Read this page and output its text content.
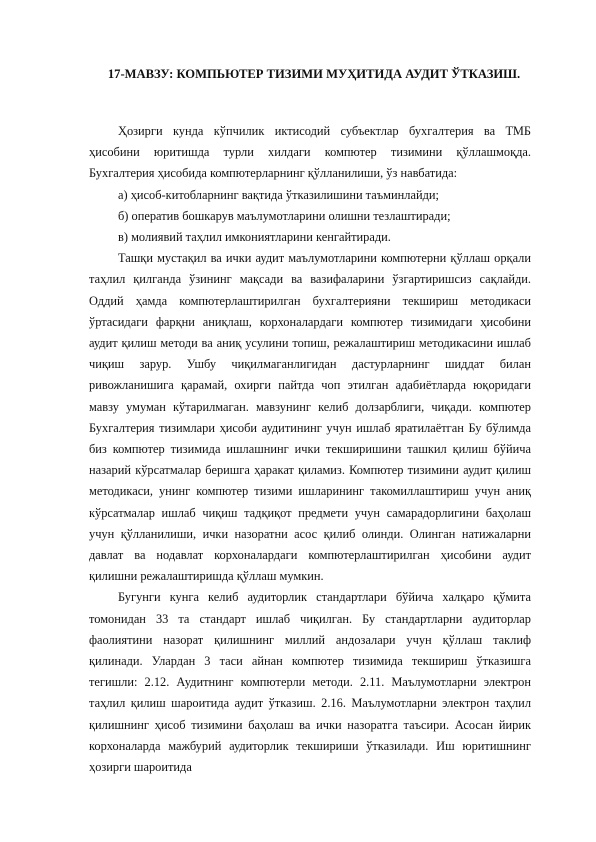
17-МАВЗУ: КОМПЬЮТЕР ТИЗИМИ МУҲИТИДА АУДИТ ЎТКАЗИШ.

Ҳозирги кунда кўпчилик иктисодий субъектлар бухгалтерия ва ТМБ ҳисобини юритишда турли хилдаги компютер тизимини қўллашмоқда. Бухгалтерия ҳисобида компютерларнинг қўлланилиши, ўз навбатида:

а) ҳисоб-китобларнинг вақтида ўтказилишини таъминлайди;

б) оператив бошкарув маълумотларини олишни тезлаштиради;

в) молиявий таҳлил имкониятларини кенгайтиради.

Ташқи мустақил ва ички аудит маълумотларини компютерни қўллаш орқали таҳлил қилганда ўзининг мақсади ва вазифаларини ўзгартиришсиз сақлайди. Оддий ҳамда компютерлаштирилган бухгалтерияни текшириш методикаси ўртасидаги фарқни аниқлаш, корхоналардаги компютер тизимидаги ҳисобини аудит қилиш методи ва аниқ усулини топиш, режалаштириш методикасини ишлаб чиқиш зарур. Ушбу чиқилмаганлигидан дастурларнинг шиддат билан ривожланишига қарамай, охирги пайтда чоп этилган адабиётларда юқоридаги мавзу умуман кўтарилмаган. мавзунинг келиб долзарблиги, чиқади. компютер Бухгалтерия тизимлари ҳисоби аудитининг учун ишлаб яратилаётган Бу бўлимда биз компютер тизимида ишлашнинг ички текширишини ташкил қилиш бўйича назарий кўрсатмалар беришга ҳаракат қиламиз. Компютер тизимини аудит қилиш методикаси, унинг компютер тизими ишларининг такомиллаштириш учун аниқ кўрсатмалар ишлаб чиқиш тадқиқот предмети учун самарадорлигини баҳолаш учун қўлланилиши, ички назоратни асос қилиб олинди. Олинган натижаларни давлат ва нодавлат корхоналардаги компютерлаштирилган ҳисобини аудит қилишни режалаштиришда қўллаш мумкин.

Бугунги кунга келиб аудиторлик стандартлари бўйича халқаро қўмита томонидан 33 та стандарт ишлаб чиқилган. Бу стандартларни аудиторлар фаолиятини назорат қилишнинг миллий андозалари учун қўллаш таклиф қилинади. Улардан 3 таси айнан компютер тизимида текшириш ўтказишга тегишли: 2.12. Аудитнинг компютерли методи. 2.11. Маълумотларни электрон таҳлил қилиш шароитида аудит ўтказиш. 2.16. Маълумотларни электрон таҳлил қилишнинг ҳисоб тизимини баҳолаш ва ички назоратга таъсири. Асосан йирик корхоналарда мажбурий аудиторлик текшириши ўтказилади. Иш юритишнинг ҳозирги шароитида
